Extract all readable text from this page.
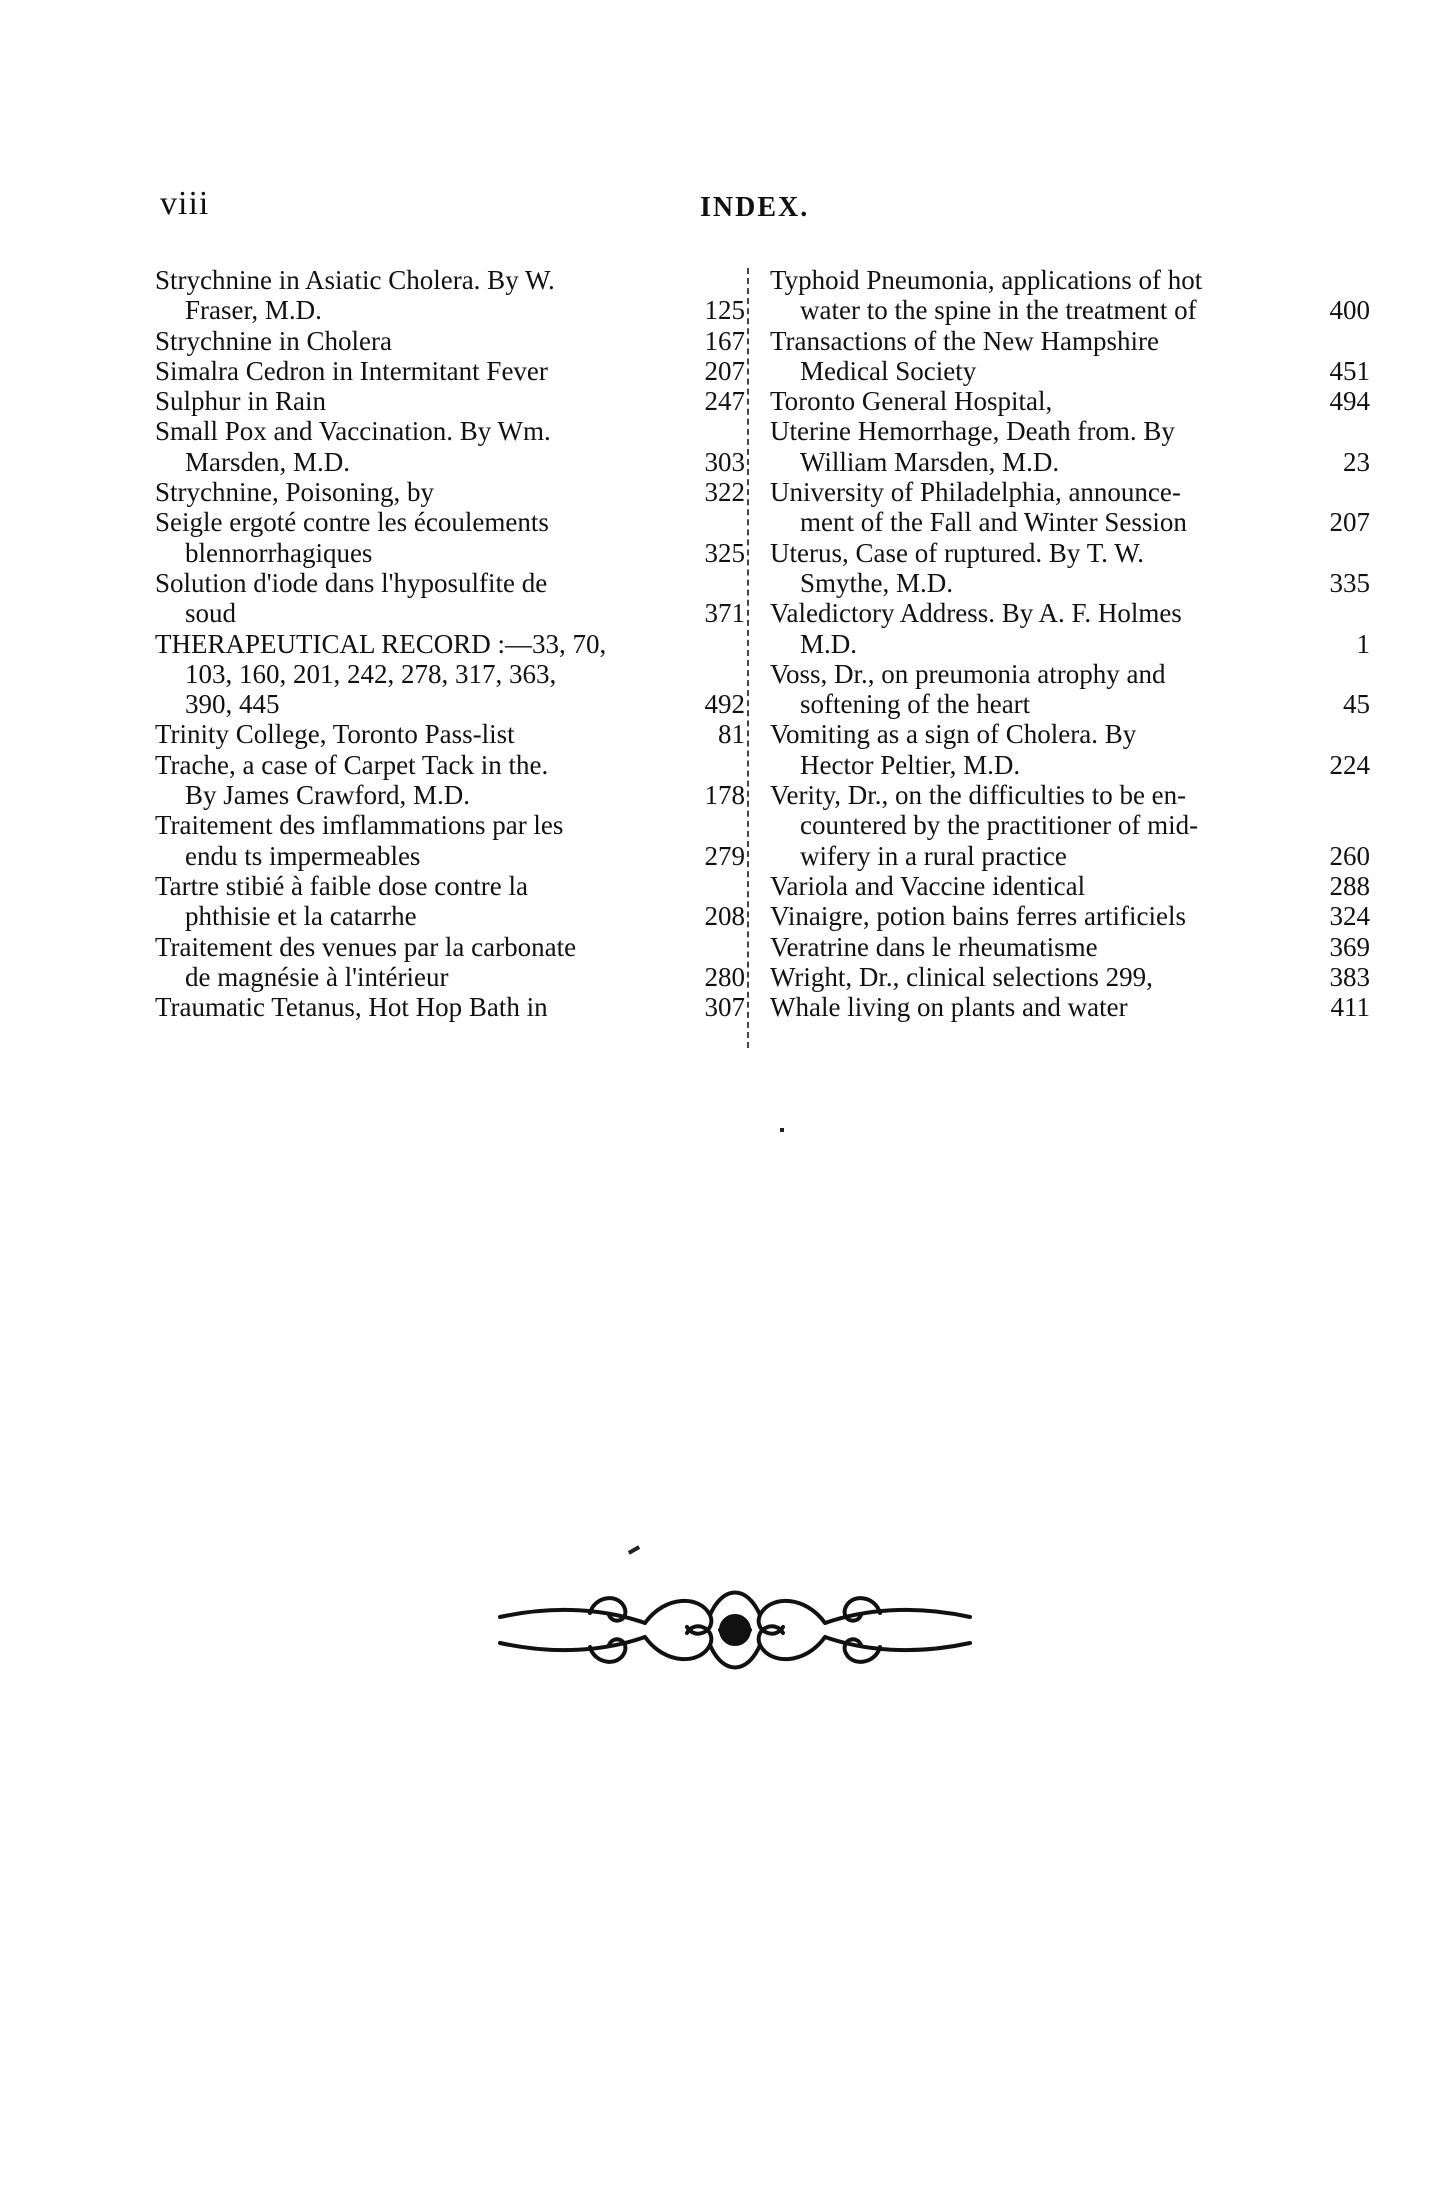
viii	INDEX.
Strychnine in Asiatic Cholera. By W.
Fraser, M.D.	125
Strychnine in Cholera	167
Simalra Cedron in Intermitant Fever	207
Sulphur in Rain	247
Small Pox and Vaccination. By Wm.
Marsden, M.D.	303
Strychnine, Poisoning, by	322
Seigle ergoté contre les écoulements
blennorrhagiques	325
Solution d'iode dans l'hyposulfite de
soud	371
THERAPEUTICAL RECORD :—33, 70,
103, 160, 201, 242, 278, 317, 363,
390, 445	492
Trinity College, Toronto Pass-list	81
Trache, a case of Carpet Tack in the.
By James Crawford, M.D.	178
Traitement des imflammations par les
endu ts impermeables	279
Tartre stibié à faible dose contre la
phthisie et la catarrhe	208
Traitement des venues par la carbonate
de magnésie à l'intérieur	280
Traumatic Tetanus, Hot Hop Bath in	307
Typhoid Pneumonia, applications of hot
water to the spine in the treatment of	400
Transactions of the New Hampshire
Medical Society	451
Toronto General Hospital,	494
Uterine Hemorrhage, Death from. By
William Marsden, M.D.	23
University of Philadelphia, announce-
ment of the Fall and Winter Session	207
Uterus, Case of ruptured. By T. W.
Smythe, M.D.	335
Valedictory Address. By A. F. Holmes
M.D.	1
Voss, Dr., on preumonia atrophy and
softening of the heart	45
Vomiting as a sign of Cholera. By
Hector Peltier, M.D.	224
Verity, Dr., on the difficulties to be en-
countered by the practitioner of mid-
wifery in a rural practice	260
Variola and Vaccine identical	288
Vinaigre, potion bains ferres artificiels	324
Veratrine dans le rheumatisme	369
Wright, Dr., clinical selections 299,	383
Whale living on plants and water	411
